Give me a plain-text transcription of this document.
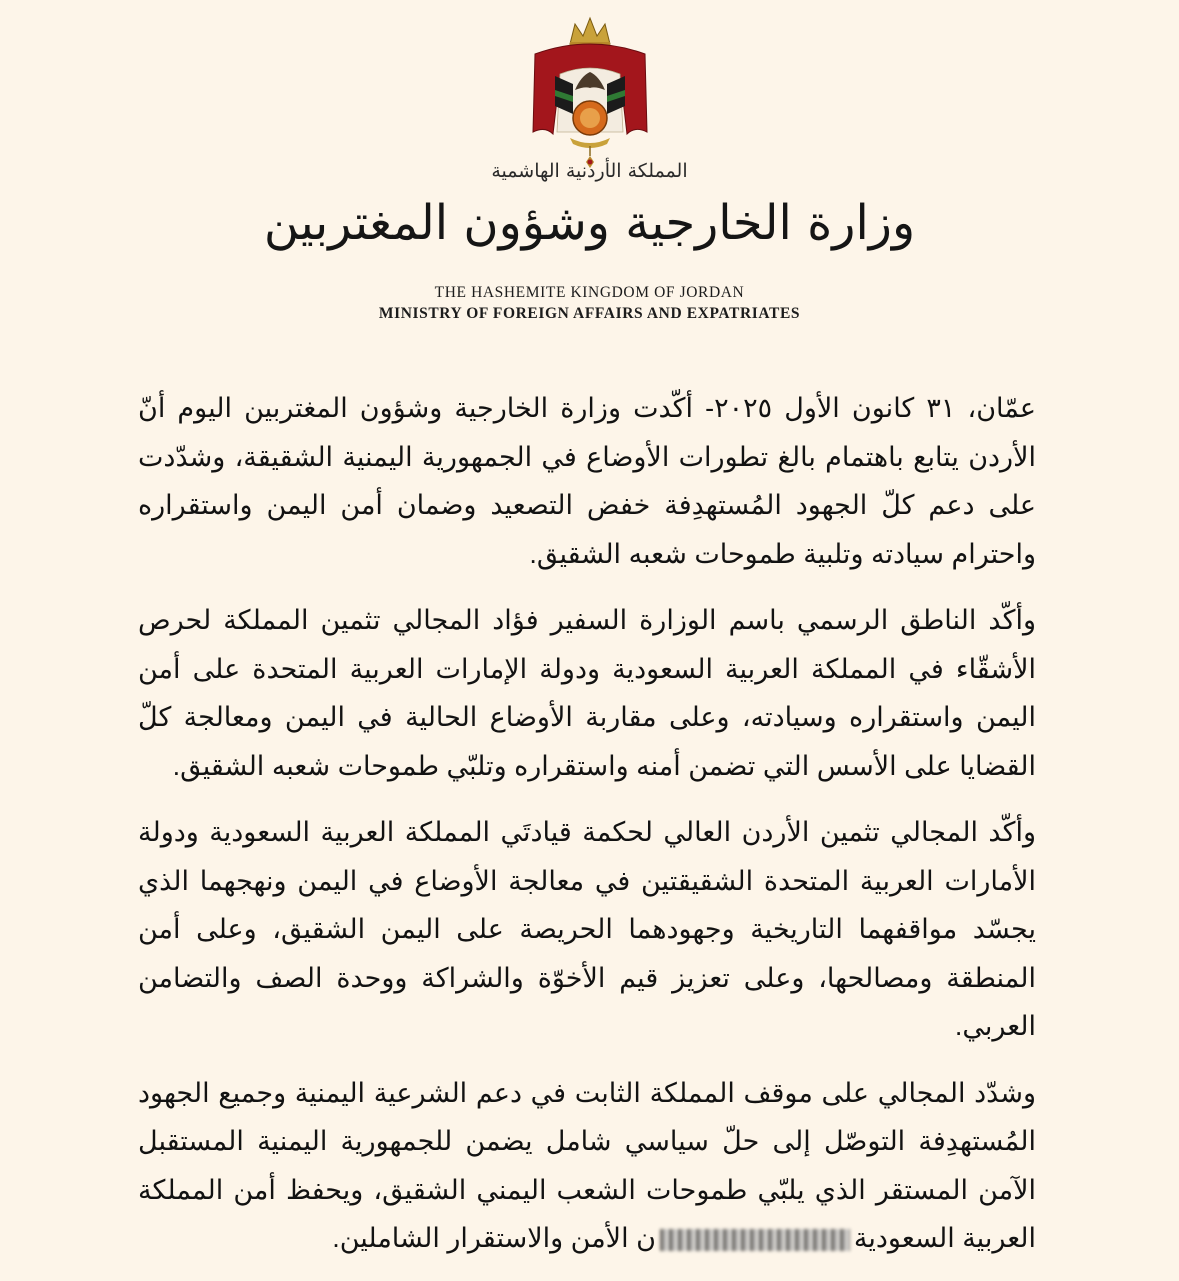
المملكة الأردنية الهاشمية
وزارة الخارجية وشؤون المغتربين
THE HASHEMITE KINGDOM OF JORDAN
MINISTRY OF FOREIGN AFFAIRS AND EXPATRIATES

عمّان، ٣١ كانون الأول ٢٠٢٥- أكّدت وزارة الخارجية وشؤون المغتربين اليوم أنّ الأردن يتابع باهتمام بالغ تطورات الأوضاع في الجمهورية اليمنية الشقيقة، وشدّدت على دعم كلّ الجهود المُستهدِفة خفض التصعيد وضمان أمن اليمن واستقراره واحترام سيادته وتلبية طموحات شعبه الشقيق.

وأكّد الناطق الرسمي باسم الوزارة السفير فؤاد المجالي تثمين المملكة لحرص الأشقّاء في المملكة العربية السعودية ودولة الإمارات العربية المتحدة على أمن اليمن واستقراره وسيادته، وعلى مقاربة الأوضاع الحالية في اليمن ومعالجة كلّ القضايا على الأسس التي تضمن أمنه واستقراره وتلبّي طموحات شعبه الشقيق.

وأكّد المجالي تثمين الأردن العالي لحكمة قيادتَي المملكة العربية السعودية ودولة الأمارات العربية المتحدة الشقيقتين في معالجة الأوضاع في اليمن ونهجهما الذي يجسّد مواقفهما التاريخية وجهودهما الحريصة على اليمن الشقيق، وعلى أمن المنطقة ومصالحها، وعلى تعزيز قيم الأخوّة والشراكة ووحدة الصف والتضامن العربي.

وشدّد المجالي على موقف المملكة الثابت في دعم الشرعية اليمنية وجميع الجهود المُستهدِفة التوصّل إلى حلّ سياسي شامل يضمن للجمهورية اليمنية المستقبل الآمن المستقر الذي يلبّي طموحات الشعب اليمني الشقيق، ويحفظ أمن المملكة العربية السعوديةن الأمن والاستقرار الشاملين.
